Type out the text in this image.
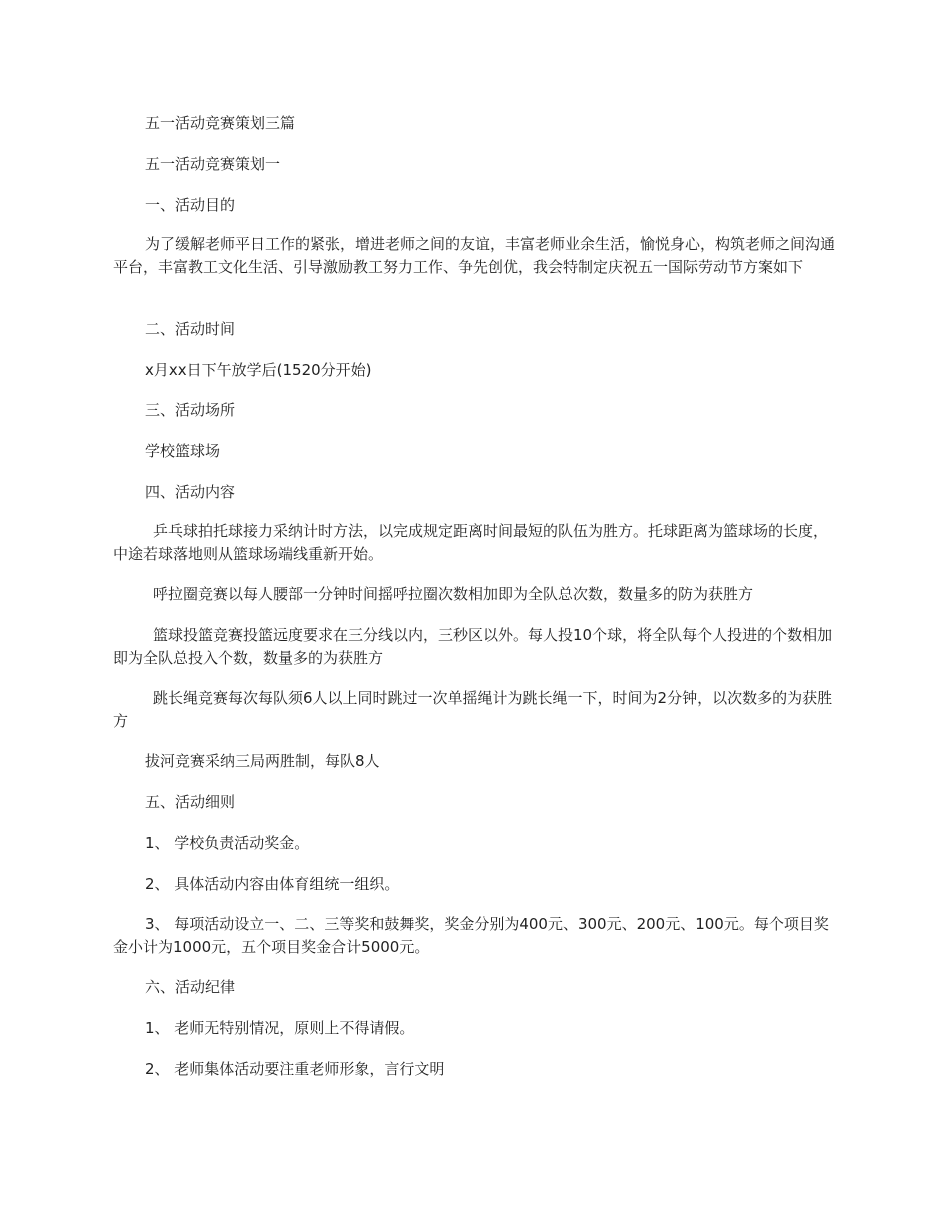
五一活动竞赛策划三篇

五一活动竞赛策划一

一、活动目的

为了缓解老师平日工作的紧张，增进老师之间的友谊，丰富老师业余生活，愉悦身心，构筑老师之间沟通平台，丰富教工文化生活、引导激励教工努力工作、争先创优，我会特制定庆祝五一国际劳动节方案如下

二、活动时间

x月xx日下午放学后(1520分开始)

三、活动场所

学校篮球场

四、活动内容

乒乓球拍托球接力采纳计时方法，以完成规定距离时间最短的队伍为胜方。托球距离为篮球场的长度，中途若球落地则从篮球场端线重新开始。

呼拉圈竞赛以每人腰部一分钟时间摇呼拉圈次数相加即为全队总次数，数量多的防为获胜方

篮球投篮竞赛投篮远度要求在三分线以内，三秒区以外。每人投10个球，将全队每个人投进的个数相加即为全队总投入个数，数量多的为获胜方

跳长绳竞赛每次每队须6人以上同时跳过一次单摇绳计为跳长绳一下，时间为2分钟，以次数多的为获胜方

拔河竞赛采纳三局两胜制，每队8人

五、活动细则

1、 学校负责活动奖金。

2、 具体活动内容由体育组统一组织。

3、 每项活动设立一、二、三等奖和鼓舞奖，奖金分别为400元、300元、200元、100元。每个项目奖金小计为1000元，五个项目奖金合计5000元。

六、活动纪律

1、 老师无特别情况，原则上不得请假。

2、 老师集体活动要注重老师形象，言行文明
